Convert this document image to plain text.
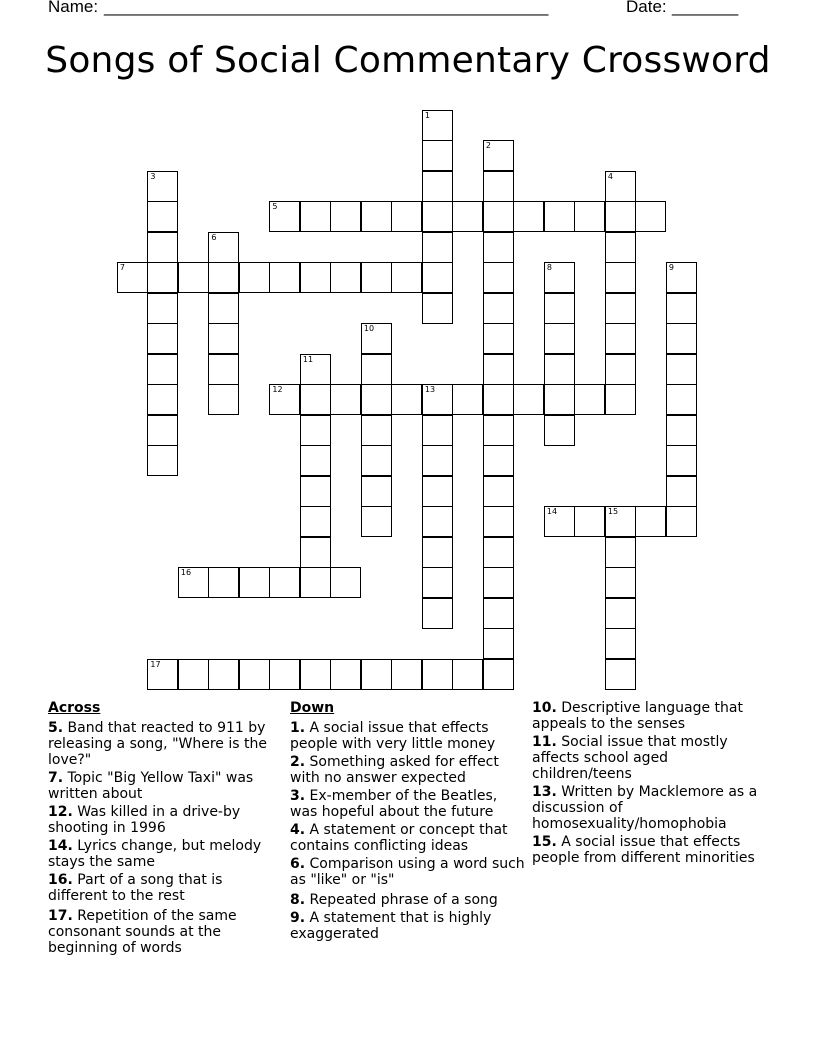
Name: _______________________________________________	Date: _______
Songs of Social Commentary Crossword
1
2
3	4
5
6
7	8	9
10
11
12	13
14	15
16
17
Across
5. Band that reacted to 911 by releasing a song, "Where is the love?"
7. Topic "Big Yellow Taxi" was written about
12. Was killed in a drive-by shooting in 1996
14. Lyrics change, but melody stays the same
16. Part of a song that is different to the rest
17. Repetition of the same consonant sounds at the beginning of words
Down
1. A social issue that effects people with very little money
2. Something asked for effect with no answer expected
3. Ex-member of the Beatles, was hopeful about the future
4. A statement or concept that contains conflicting ideas
6. Comparison using a word such as "like" or "is"
8. Repeated phrase of a song
9. A statement that is highly exaggerated
10. Descriptive language that appeals to the senses
11. Social issue that mostly affects school aged children/teens
13. Written by Macklemore as a discussion of homosexuality/homophobia
15. A social issue that effects people from different minorities
